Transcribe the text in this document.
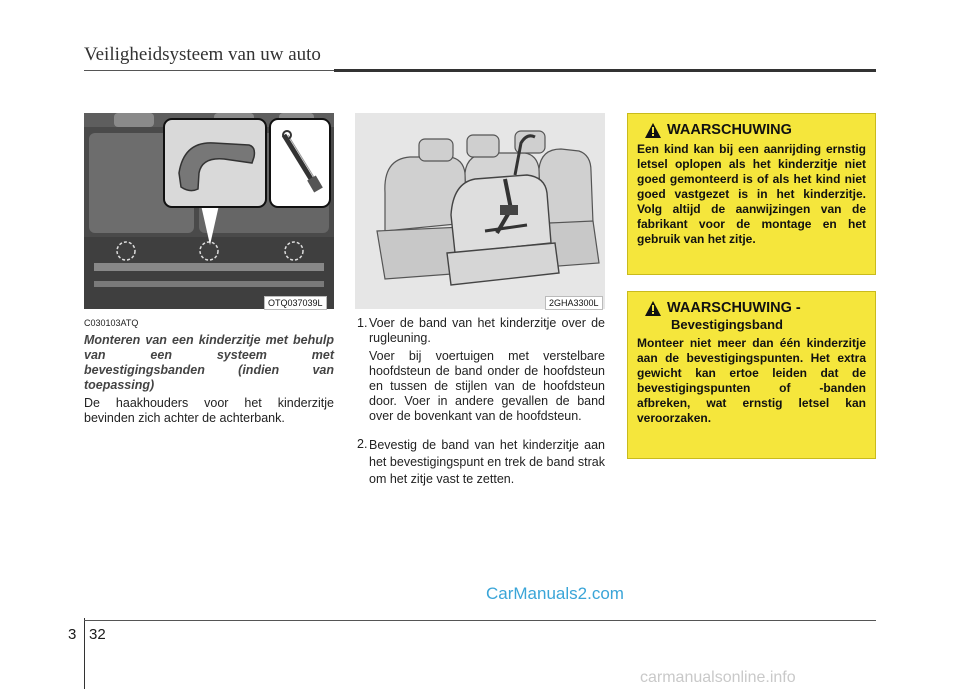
Veiligheidsysteem van uw auto
OTQ037039L	2GHA3300L
C030103ATQ
Monteren van een kinderzitje met behulp van een systeem met bevestigingsbanden (indien van toepassing)
De haakhouders voor het kinderzitje bevinden zich achter de achterbank.
1. Voer de band van het kinderzitje over de rugleuning.
Voer bij voertuigen met verstelbare hoofdsteun de band onder de hoofdsteun en tussen de stijlen van de hoofdsteun door. Voer in andere gevallen de band over de bovenkant van de hoofdsteun.
2. Bevestig de band van het kinderzitje aan het bevestigingspunt en trek de band strak om het zitje vast te zetten.
WAARSCHUWING
Een kind kan bij een aanrijding ernstig letsel oplopen als het kinderzitje niet goed gemonteerd is of als het kind niet goed vastgezet is in het kinderzitje. Volg altijd de aanwijzingen van de fabrikant voor de montage en het gebruik van het zitje.
WAARSCHUWING -
Bevestigingsband
Monteer niet meer dan één kinderzitje aan de bevestigingspunten. Het extra gewicht kan ertoe leiden dat de bevestigingspunten of -banden afbreken, wat ernstig letsel kan veroorzaken.
CarManuals2.com
3 32
carmanualsonline.info
